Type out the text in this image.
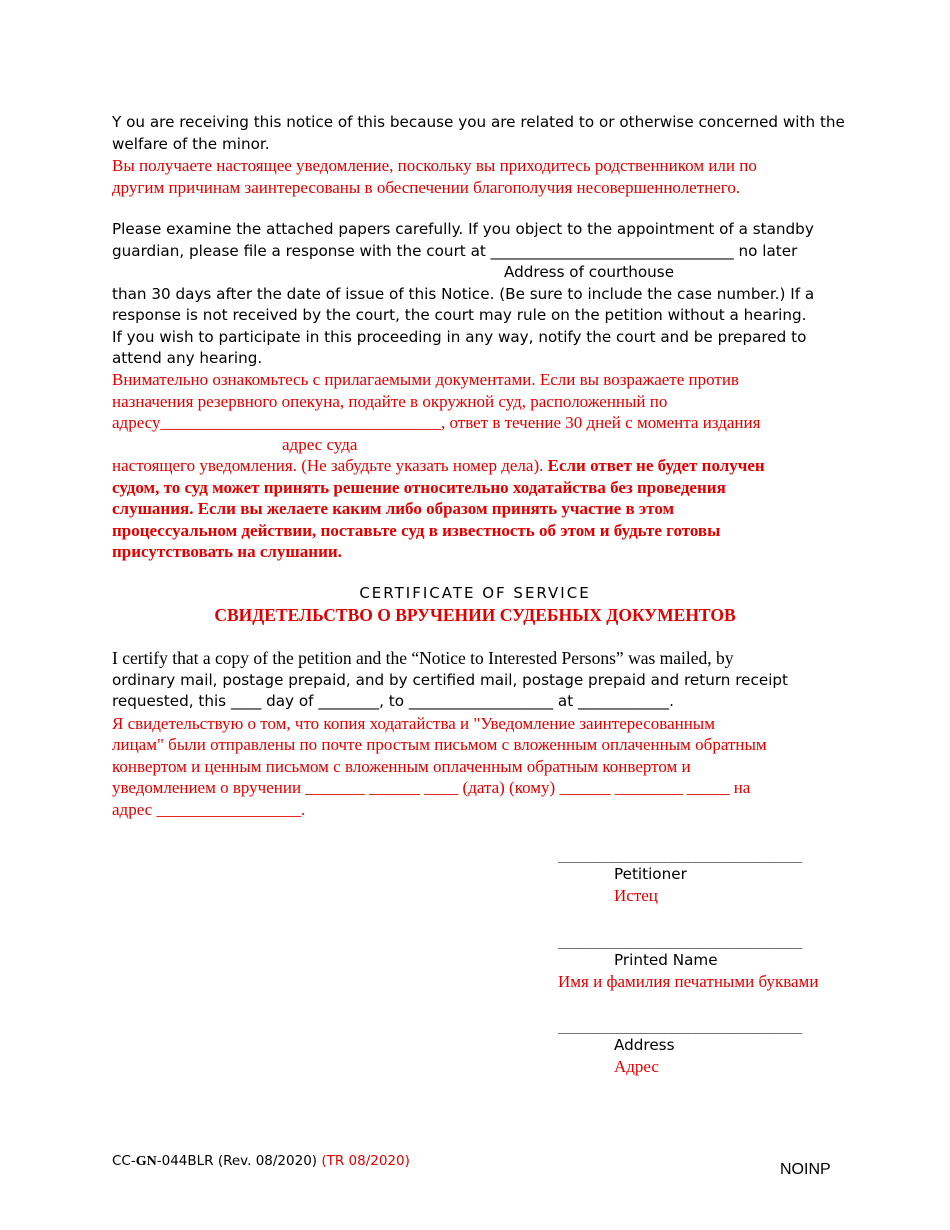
Y ou are receiving this notice of this because you are related to or otherwise concerned with the
welfare of the minor.
Вы получаете настоящее уведомление, поскольку вы приходитесь родственником или по
другим причинам заинтересованы в обеспечении благополучия несовершеннолетнего.
Please examine the attached papers carefully. If you object to the appointment of a standby
guardian, please file a response with the court at ________________________________ no later
Address of courthouse
than 30 days after the date of issue of this Notice. (Be sure to include the case number.) If a
response is not received by the court, the court may rule on the petition without a hearing.
If you wish to participate in this proceeding in any way, notify the court and be prepared to
attend any hearing.
Внимательно ознакомьтесь с прилагаемыми документами. Если вы возражаете против
назначения резервного опекуна, подайте в окружной суд, расположенный по
адресу_________________________________, ответ в течение 30 дней с момента издания
адрес суда
настоящего уведомления. (Не забудьте указать номер дела). Если ответ не будет получен
судом, то суд может принять решение относительно ходатайства без проведения
слушания. Если вы желаете каким либо образом принять участие в этом
процессуальном действии, поставьте суд в известность об этом и будьте готовы
присутствовать на слушании.
CERTIFICATE OF SERVICE
СВИДЕТЕЛЬСТВО О ВРУЧЕНИИ СУДЕБНЫХ ДОКУМЕНТОВ
I certify that a copy of the petition and the “Notice to Interested Persons” was mailed, by
ordinary mail, postage prepaid, and by certified mail, postage prepaid and return receipt
requested, this ____ day of ________, to ___________________ at ____________.
Я свидетельствую о том, что копия ходатайства и "Уведомление заинтересованным
лицам" были отправлены по почте простым письмом с вложенным оплаченным обратным
конвертом и ценным письмом с вложенным оплаченным обратным конвертом и
уведомлением о вручении _______ ______ ____ (дата) (кому) ______ ________ _____ на
адрес _________________.
_____________________________
Petitioner
Истец
_____________________________
Printed Name
Имя и фамилия печатными буквами
_____________________________
Address
Адрес
CC-GN-044BLR (Rev. 08/2020) (TR 08/2020)	NOINP
